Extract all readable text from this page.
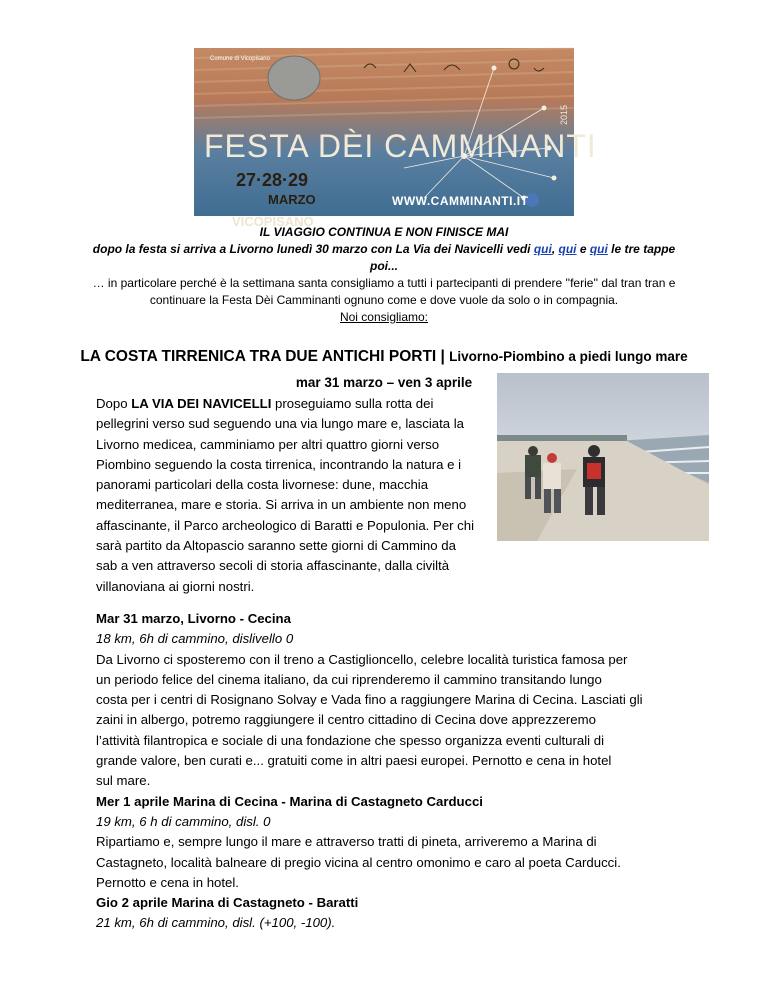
Comune di Vicopisano
2015
FESTA DÈI CAMMINANTI
27·28·29
MARZO
VICOPISANO
WWW.CAMMINANTI.IT
IL VIAGGIO CONTINUA E NON FINISCE MAI
dopo la festa si arriva a Livorno lunedì 30 marzo con La Via dei Navicelli vedi qui, qui e qui le tre tappe
poi...
… in particolare perché è la settimana santa consigliamo a tutti i partecipanti di prendere ''ferie'' dal tran tran e
continuare la Festa Dèi Camminanti ognuno come e dove vuole da solo o in compagnia.
Noi consigliamo:
LA COSTA TIRRENICA TRA DUE ANTICHI PORTI | Livorno-Piombino a piedi lungo mare
mar 31 marzo – ven 3 aprile
Dopo LA VIA DEI NAVICELLI proseguiamo sulla rotta dei
pellegrini verso sud seguendo una via lungo mare e, lasciata la
Livorno medicea, camminiamo per altri quattro giorni verso
Piombino seguendo la costa tirrenica, incontrando la natura e i
panorami particolari della costa livornese: dune, macchia
mediterranea, mare e storia. Si arriva in un ambiente non meno
affascinante, il Parco archeologico di Baratti e Populonia. Per chi
sarà partito da Altopascio saranno sette giorni di Cammino da
sab a ven attraverso secoli di storia affascinante, dalla civiltà
villanoviana ai giorni nostri.
Mar 31 marzo, Livorno - Cecina
18 km, 6h di cammino, dislivello 0
Da Livorno ci sposteremo con il treno a Castiglioncello, celebre località turistica famosa per
un periodo felice del cinema italiano, da cui riprenderemo il cammino transitando lungo
costa per i centri di Rosignano Solvay e Vada fino a raggiungere Marina di Cecina. Lasciati gli
zaini in albergo, potremo raggiungere il centro cittadino di Cecina dove apprezzeremo
l’attività filantropica e sociale di una fondazione che spesso organizza eventi culturali di
grande valore, ben curati e... gratuiti come in altri paesi europei. Pernotto e cena in hotel
sul mare.
Mer 1 aprile Marina di Cecina - Marina di Castagneto Carducci
19 km, 6 h di cammino, disl. 0
Ripartiamo e, sempre lungo il mare e attraverso tratti di pineta, arriveremo a Marina di
Castagneto, località balneare di pregio vicina al centro omonimo e caro al poeta Carducci.
Pernotto e cena in hotel.
Gio 2 aprile Marina di Castagneto - Baratti
21 km, 6h di cammino, disl. (+100, -100).
